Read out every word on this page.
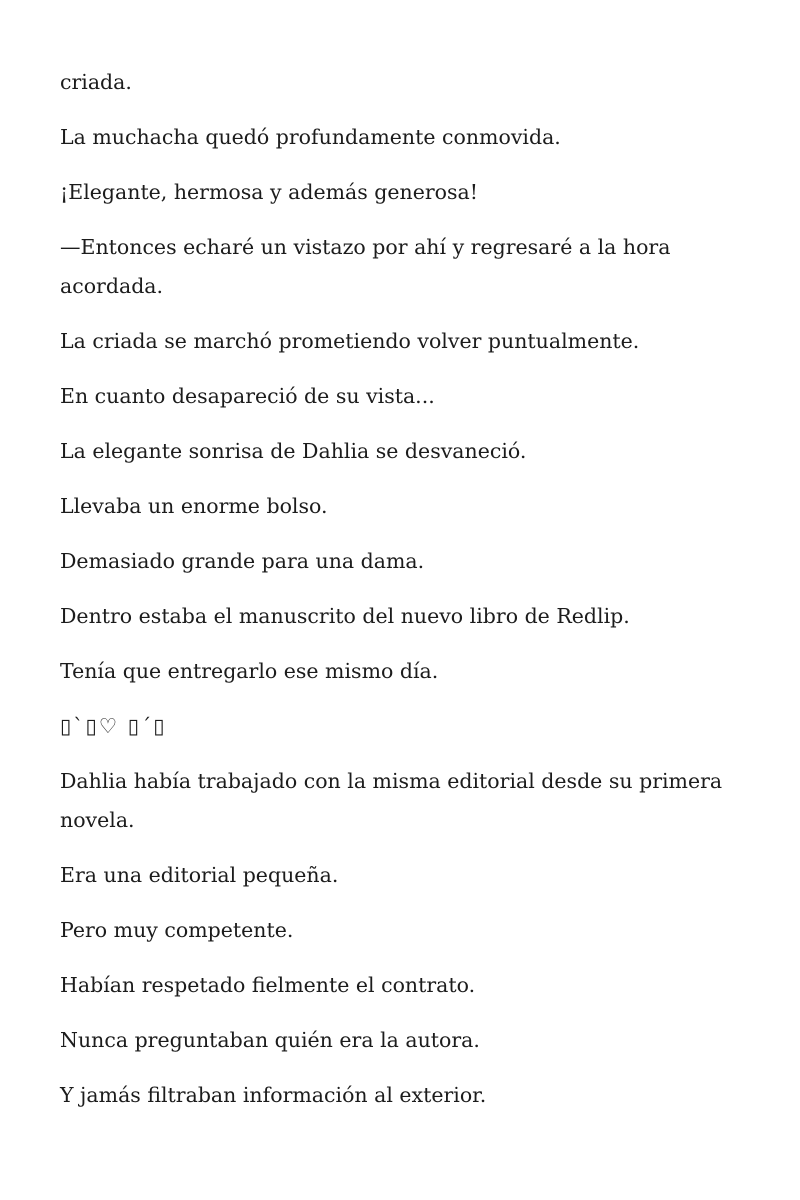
criada.

La muchacha quedó profundamente conmovida.

¡Elegante, hermosa y además generosa!

—Entonces echaré un vistazo por ahí y regresaré a la hora acordada.

La criada se marchó prometiendo volver puntualmente.

En cuanto desapareció de su vista...

La elegante sonrisa de Dahlia se desvaneció.

Llevaba un enorme bolso.

Demasiado grande para una dama.

Dentro estaba el manuscrito del nuevo libro de Redlip.

Tenía que entregarlo ese mismo día.

▯`▯♡ ▯´▯

Dahlia había trabajado con la misma editorial desde su primera novela.

Era una editorial pequeña.

Pero muy competente.

Habían respetado fielmente el contrato.

Nunca preguntaban quién era la autora.

Y jamás filtraban información al exterior.
